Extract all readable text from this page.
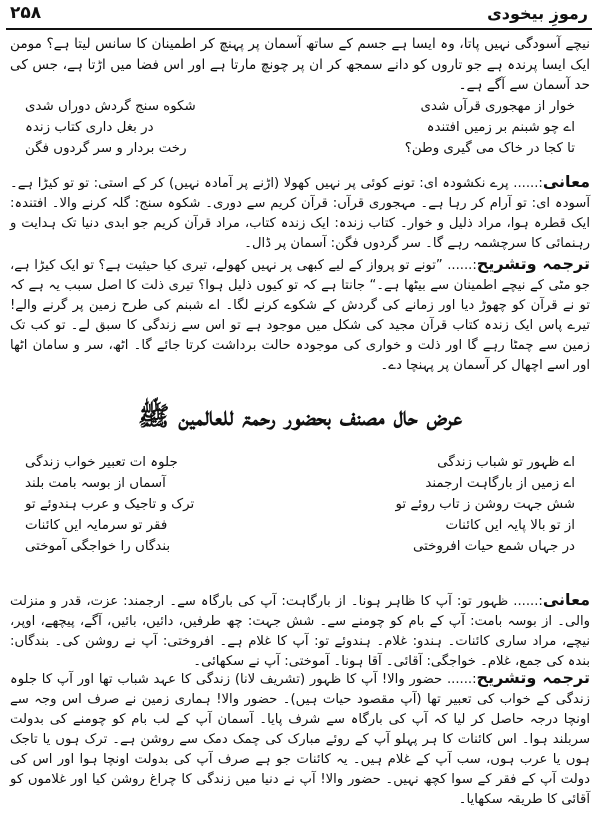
رموزِ بیخودی
۲۵۸

نیچے آسودگی نہیں پاتا، وہ ایسا ہے جسم کے ساتھ آسمان پر پہنچ کر اطمینان کا سانس لیتا ہے؟ مومن ایک ایسا پرندہ ہے جو تاروں کو دانے سمجھ کر ان پر چونچ مارتا ہے اور اس فضا میں اڑتا ہے، جس کی حد آسمان سے آگے ہے۔

خوار از مهجوری قرآں شدی
شکوه سنج گردش دوراں شدی
اے چو شبنم بر زمیں افتندہ
در بغل داری کتاب زندہ
تا کجا در خاک می گیری وطن؟
رخت بردار و سر گردوں فگن

معانی:...... پرے نکشودہ ای: تونے کوئی پر نہیں کھولا (اڑنے پر آمادہ نہیں) کر کے استی: تو تو کیڑا ہے۔ آسودہ ای: تو آرام کر رہا ہے۔ مہجوری قرآں: قرآن کریم سے دوری۔ شکوہ سنج: گلہ کرنے والا۔ افتندہ: ایک قطرہ ہوا، مراد ذلیل و خوار۔ کتاب زندہ: ایک زندہ کتاب، مراد قرآن کریم جو ابدی دنیا تک ہدایت و رہنمائی کا سرچشمہ رہے گا۔ سر گردوں فگن: آسمان پر ڈال۔

ترجمہ وتشریح:...... ”تونے تو پرواز کے لیے کبھی پر نہیں کھولے، تیری کیا حیثیت ہے؟ تو ایک کیڑا ہے، جو مٹی کے نیچے اطمینان سے بیٹھا ہے۔“ جانتا ہے کہ تو کیوں ذلیل ہوا؟ تیری ذلت کا اصل سبب یہ ہے کہ تو نے قرآن کو چھوڑ دیا اور زمانے کی گردش کے شکوے کرنے لگا۔ اے شبنم کی طرح زمین پر گرنے والے! تیرے پاس ایک زندہ کتاب قرآن مجید کی شکل میں موجود ہے تو اس سے زندگی کا سبق لے۔ تو کب تک زمین سے چمٹا رہے گا اور ذلت و خواری کی موجودہ حالت برداشت کرتا جائے گا۔ اٹھ، سر و سامان اٹھا اور اسے اچھال کر آسمان پر پہنچا دے۔

عرض حال مصنف بحضور رحمۃ للعالمین ﷺ
اے ظہور تو شباب زندگی
جلوہ ات تعبیر خواب زندگی
اے زمیں از بارگاہت ارجمند
آسماں از بوسہ بامت بلند
شش جہت روشن ز تاب روئے تو
ترک و تاجیک و عرب ہندوئے تو
از تو بالا پایہ ایں کائنات
فقر تو سرمایہ ایں کائنات
در جہاں شمع حیات افروختی
بندگاں را خواجگی آموختی

معانی:...... ظہور تو: آپ کا ظاہر ہونا۔ از بارگاہت: آپ کی بارگاہ سے۔ ارجمند: عزت، قدر و منزلت والی۔ از بوسہ بامت: آپ کے بام کو چومنے سے۔ شش جہت: چھ طرفیں، دائیں، بائیں، آگے، پیچھے، اوپر، نیچے، مراد ساری کائنات۔ ہندو: غلام۔ ہندوئے تو: آپ کا غلام ہے۔ افروختی: آپ نے روشن کی۔ بندگاں: بندہ کی جمع، غلام۔ خواجگی: آقائی۔ آقا ہونا۔ آموختی: آپ نے سکھائی۔

ترجمہ وتشریح:...... حضور والا! آپ کا ظہور (تشریف لانا) زندگی کا عہد شباب تھا اور آپ کا جلوہ زندگی کے خواب کی تعبیر تھا (آپ مقصود حیات ہیں)۔ حضور والا! ہماری زمین نے صرف اس وجہ سے اونچا درجہ حاصل کر لیا کہ آپ کی بارگاہ سے شرف پایا۔ آسمان آپ کے لب بام کو چومنے کی بدولت سربلند ہوا۔ اس کائنات کا ہر پہلو آپ کے روئے مبارک کی چمک دمک سے روشن ہے۔ ترک ہوں یا تاجک ہوں یا عرب ہوں، سب آپ کے غلام ہیں۔ یہ کائنات جو ہے صرف آپ کی بدولت اونچا ہوا اور اس کی دولت آپ کے فقر کے سوا کچھ نہیں۔ حضور والا! آپ نے دنیا میں زندگی کا چراغ روشن کیا اور غلاموں کو آقائی کا طریقہ سکھایا۔
